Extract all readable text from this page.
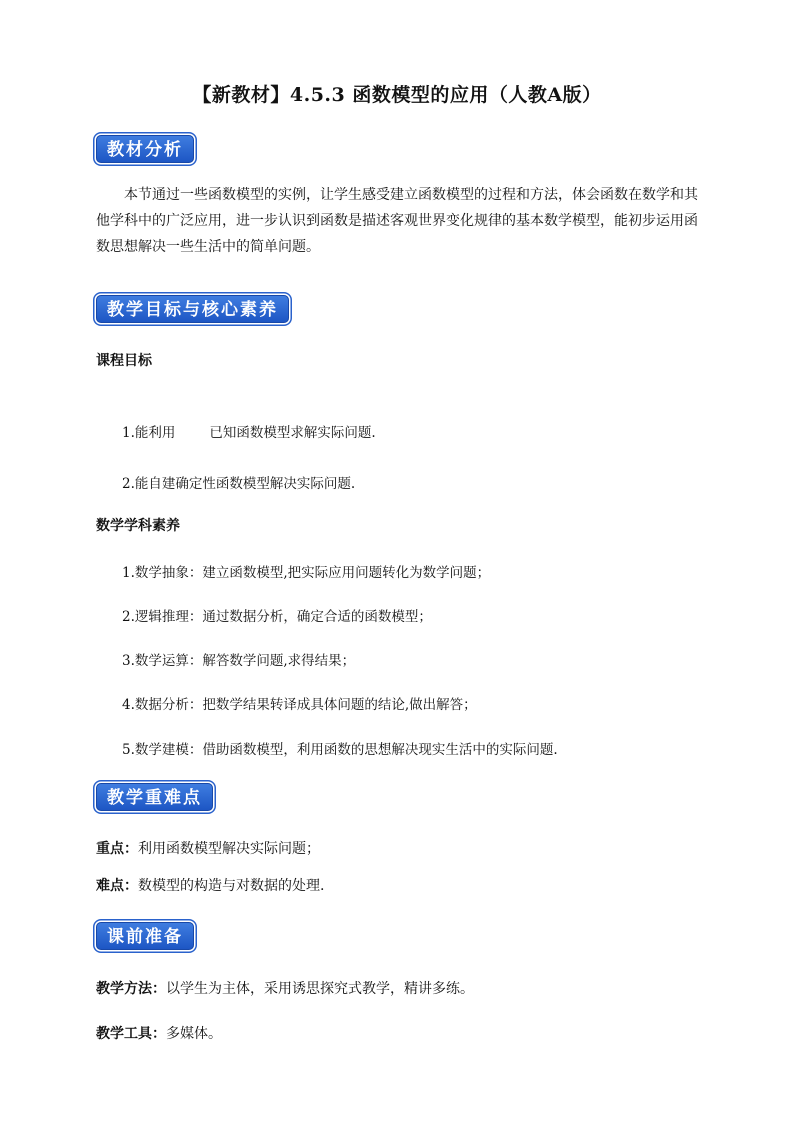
【新教材】4.5.3 函数模型的应用（人教A版）
教材分析
本节通过一些函数模型的实例，让学生感受建立函数模型的过程和方法，体会函数在数学和其他学科中的广泛应用，进一步认识到函数是描述客观世界变化规律的基本数学模型，能初步运用函数思想解决一些生活中的简单问题。
教学目标与核心素养
课程目标
1.能利用	已知函数模型求解实际问题.
2.能自建确定性函数模型解决实际问题.
数学学科素养
1.数学抽象：建立函数模型,把实际应用问题转化为数学问题；
2.逻辑推理：通过数据分析，确定合适的函数模型；
3.数学运算：解答数学问题,求得结果；
4.数据分析：把数学结果转译成具体问题的结论,做出解答；
5.数学建模：借助函数模型，利用函数的思想解决现实生活中的实际问题.
教学重难点
重点：利用函数模型解决实际问题；
难点：数模型的构造与对数据的处理.
课前准备
教学方法：以学生为主体，采用诱思探究式教学，精讲多练。
教学工具：多媒体。
